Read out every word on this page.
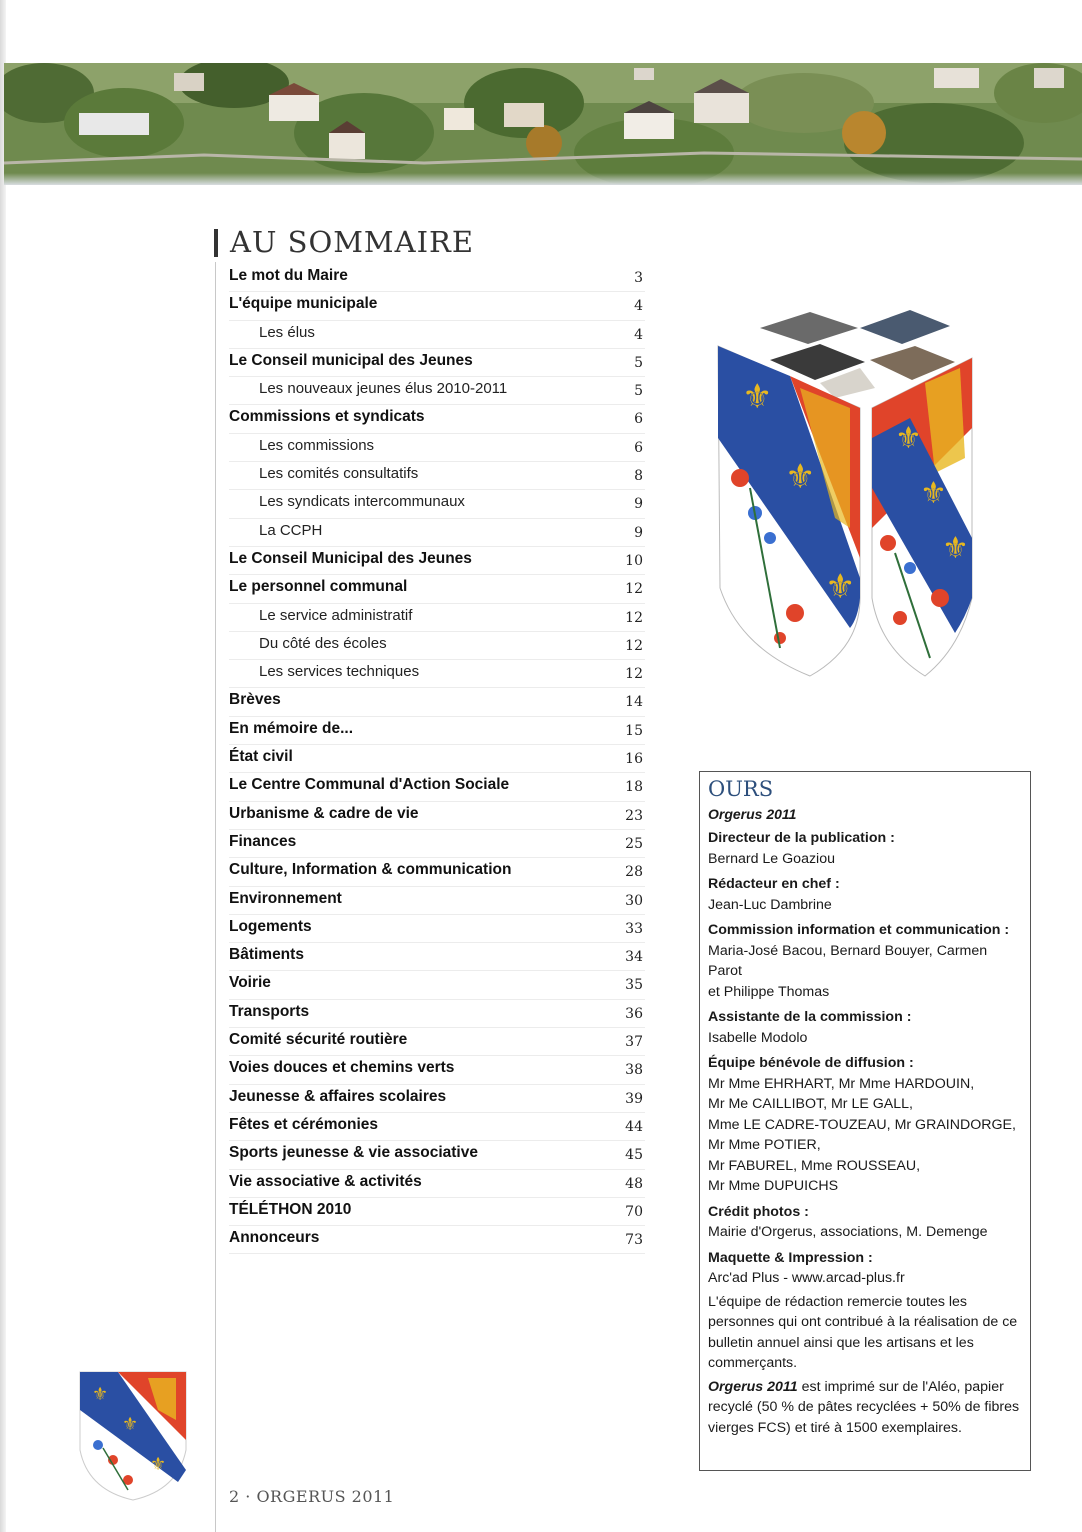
AU SOMMAIRE
Le mot du Maire	3
L'équipe municipale	4
Les élus	4
Le Conseil municipal des Jeunes	5
Les nouveaux jeunes élus 2010-2011	5
Commissions et syndicats	6
Les commissions	6
Les comités consultatifs	8
Les syndicats intercommunaux	9
La CCPH	9
Le Conseil Municipal des Jeunes	10
Le personnel communal	12
Le service administratif	12
Du côté des écoles	12
Les services techniques	12
Brèves	14
En mémoire de...	15
État civil	16
Le Centre Communal d'Action Sociale	18
Urbanisme & cadre de vie	23
Finances	25
Culture, Information & communication	28
Environnement	30
Logements	33
Bâtiments	34
Voirie	35
Transports	36
Comité sécurité routière	37
Voies douces et chemins verts	38
Jeunesse & affaires scolaires	39
Fêtes et cérémonies	44
Sports jeunesse & vie associative	45
Vie associative & activités	48
TÉLÉTHON 2010	70
Annonceurs	73
⚜
⚜
⚜
⚜
⚜
⚜
OURS
Orgerus 2011

Directeur de la publication :

Bernard Le Goaziou

Rédacteur en chef :

Jean-Luc Dambrine

Commission information et communication :

Maria-José Bacou, Bernard Bouyer, Carmen Parot

et Philippe Thomas

Assistante de la commission :

Isabelle Modolo

Équipe bénévole de diffusion :

Mr Mme EHRHART, Mr Mme HARDOUIN,

Mr Me CAILLIBOT, Mr LE GALL,

Mme LE CADRE-TOUZEAU, Mr GRAINDORGE,

Mr Mme POTIER,

Mr FABUREL, Mme ROUSSEAU,

Mr Mme DUPUICHS

Crédit photos :

Mairie d'Orgerus, associations, M. Demenge

Maquette & Impression :

Arc'ad Plus - www.arcad-plus.fr

L'équipe de rédaction remercie toutes les personnes qui ont contribué à la réalisation de ce bulletin annuel ainsi que les artisans et les commerçants.
Orgerus 2011 est imprimé sur de l'Aléo, papier recyclé (50 % de pâtes recyclées + 50% de fibres vierges FCS) et tiré à 1500 exemplaires.
⚜
⚜
⚜
2 · ORGERUS 2011
